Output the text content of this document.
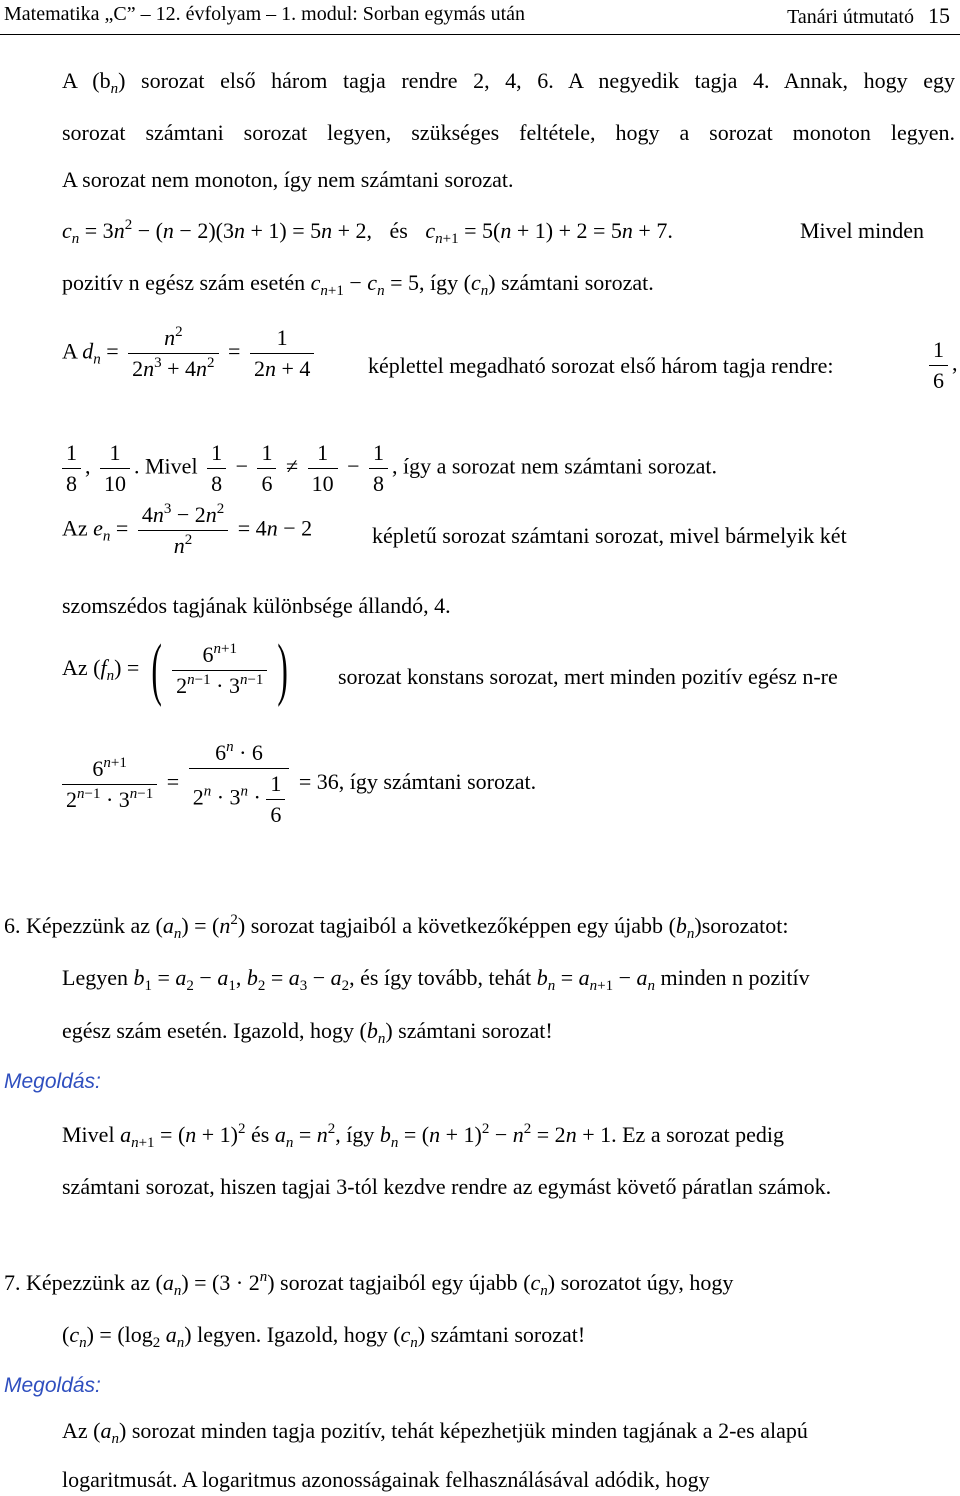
Matematika „C” – 12. évfolyam – 1. modul: Sorban egymás után	Tanári útmutató 15
A $(b_n)$ sorozat első három tagja rendre 2, 4, 6. A negyedik tagja 4. Annak, hogy egy
sorozat számtani sorozat legyen, szükséges feltétele, hogy a sorozat monoton legyen.
A sorozat nem monoton, így nem számtani sorozat.
$c_n = 3n^2 - (n - 2)(3n + 1) = 5n + 2$, és $c_{n+1} = 5(n + 1) + 2 = 5n + 7$.	Mivel minden
pozitív n egész szám esetén $c_{n+1} - c_n = 5$, így $(c_n)$ számtani sorozat.
A $d_n = \frac{n^2}{2n^3 + 4n^2} = \frac{1}{2n + 4}$ képlettel megadható sorozat első három tagja rendre:	$\frac{1}{6}$ ,
$\frac{1}{8}$ , $\frac{1}{10}$ . Mivel $\frac{1}{8} - \frac{1}{6} \ne \frac{1}{10} - \frac{1}{8}$ , így a sorozat nem számtani sorozat.
Az $e_n = \frac{4n^3 - 2n^2}{n^2} = 4n - 2$	képletű sorozat számtani sorozat, mivel bármelyik két
szomszédos tagjának különbsége állandó, 4.
Az $(f_n)$ = ( $\frac{6^{n+1}}{2^{n-1} \cdot 3^{n-1}}$ ) sorozat konstans sorozat, mert minden pozitív egész n-re
$\frac{6^{n+1}}{2^{n-1} \cdot 3^{n-1}} = \frac{6^n \cdot 6}{2^n \cdot 3^n \cdot \frac{1}{6}} = 36$, így számtani sorozat.
6. Képezzünk az $(a_n) = (n^2)$ sorozat tagjaiból a következőképpen egy újabb $(b_n)sorozatot$:
Legyen $b_1 = a_2 - a_1$, $b_2 = a_3 - a_2$, és így tovább, tehát $b_n = a_{n+1} - a_n$ minden n pozitív
egész szám esetén. Igazold, hogy $(b_n)$ számtani sorozat!
Megoldás:
Mivel $a_{n+1} = (n + 1)^2$ és $a_n = n^2$, így $b_n = (n + 1)^2 - n^2 = 2n + 1$. Ez a sorozat pedig
számtani sorozat, hiszen tagjai 3-tól kezdve rendre az egymást követő páratlan számok.
7. Képezzünk az $(a_n) = (3 \cdot 2^n)$ sorozat tagjaiból egy újabb $(c_n)$ sorozatot úgy, hogy
$(c_n) = (\log_2$ $a_n$) legyen. Igazold, hogy $(c_n)$ számtani sorozat!
Megoldás:
Az $(a_n)$ sorozat minden tagja pozitív, tehát képezhetjük minden tagjának a 2-es alapú
logaritmusát. A logaritmus azonosságainak felhasználásával adódik, hogy
